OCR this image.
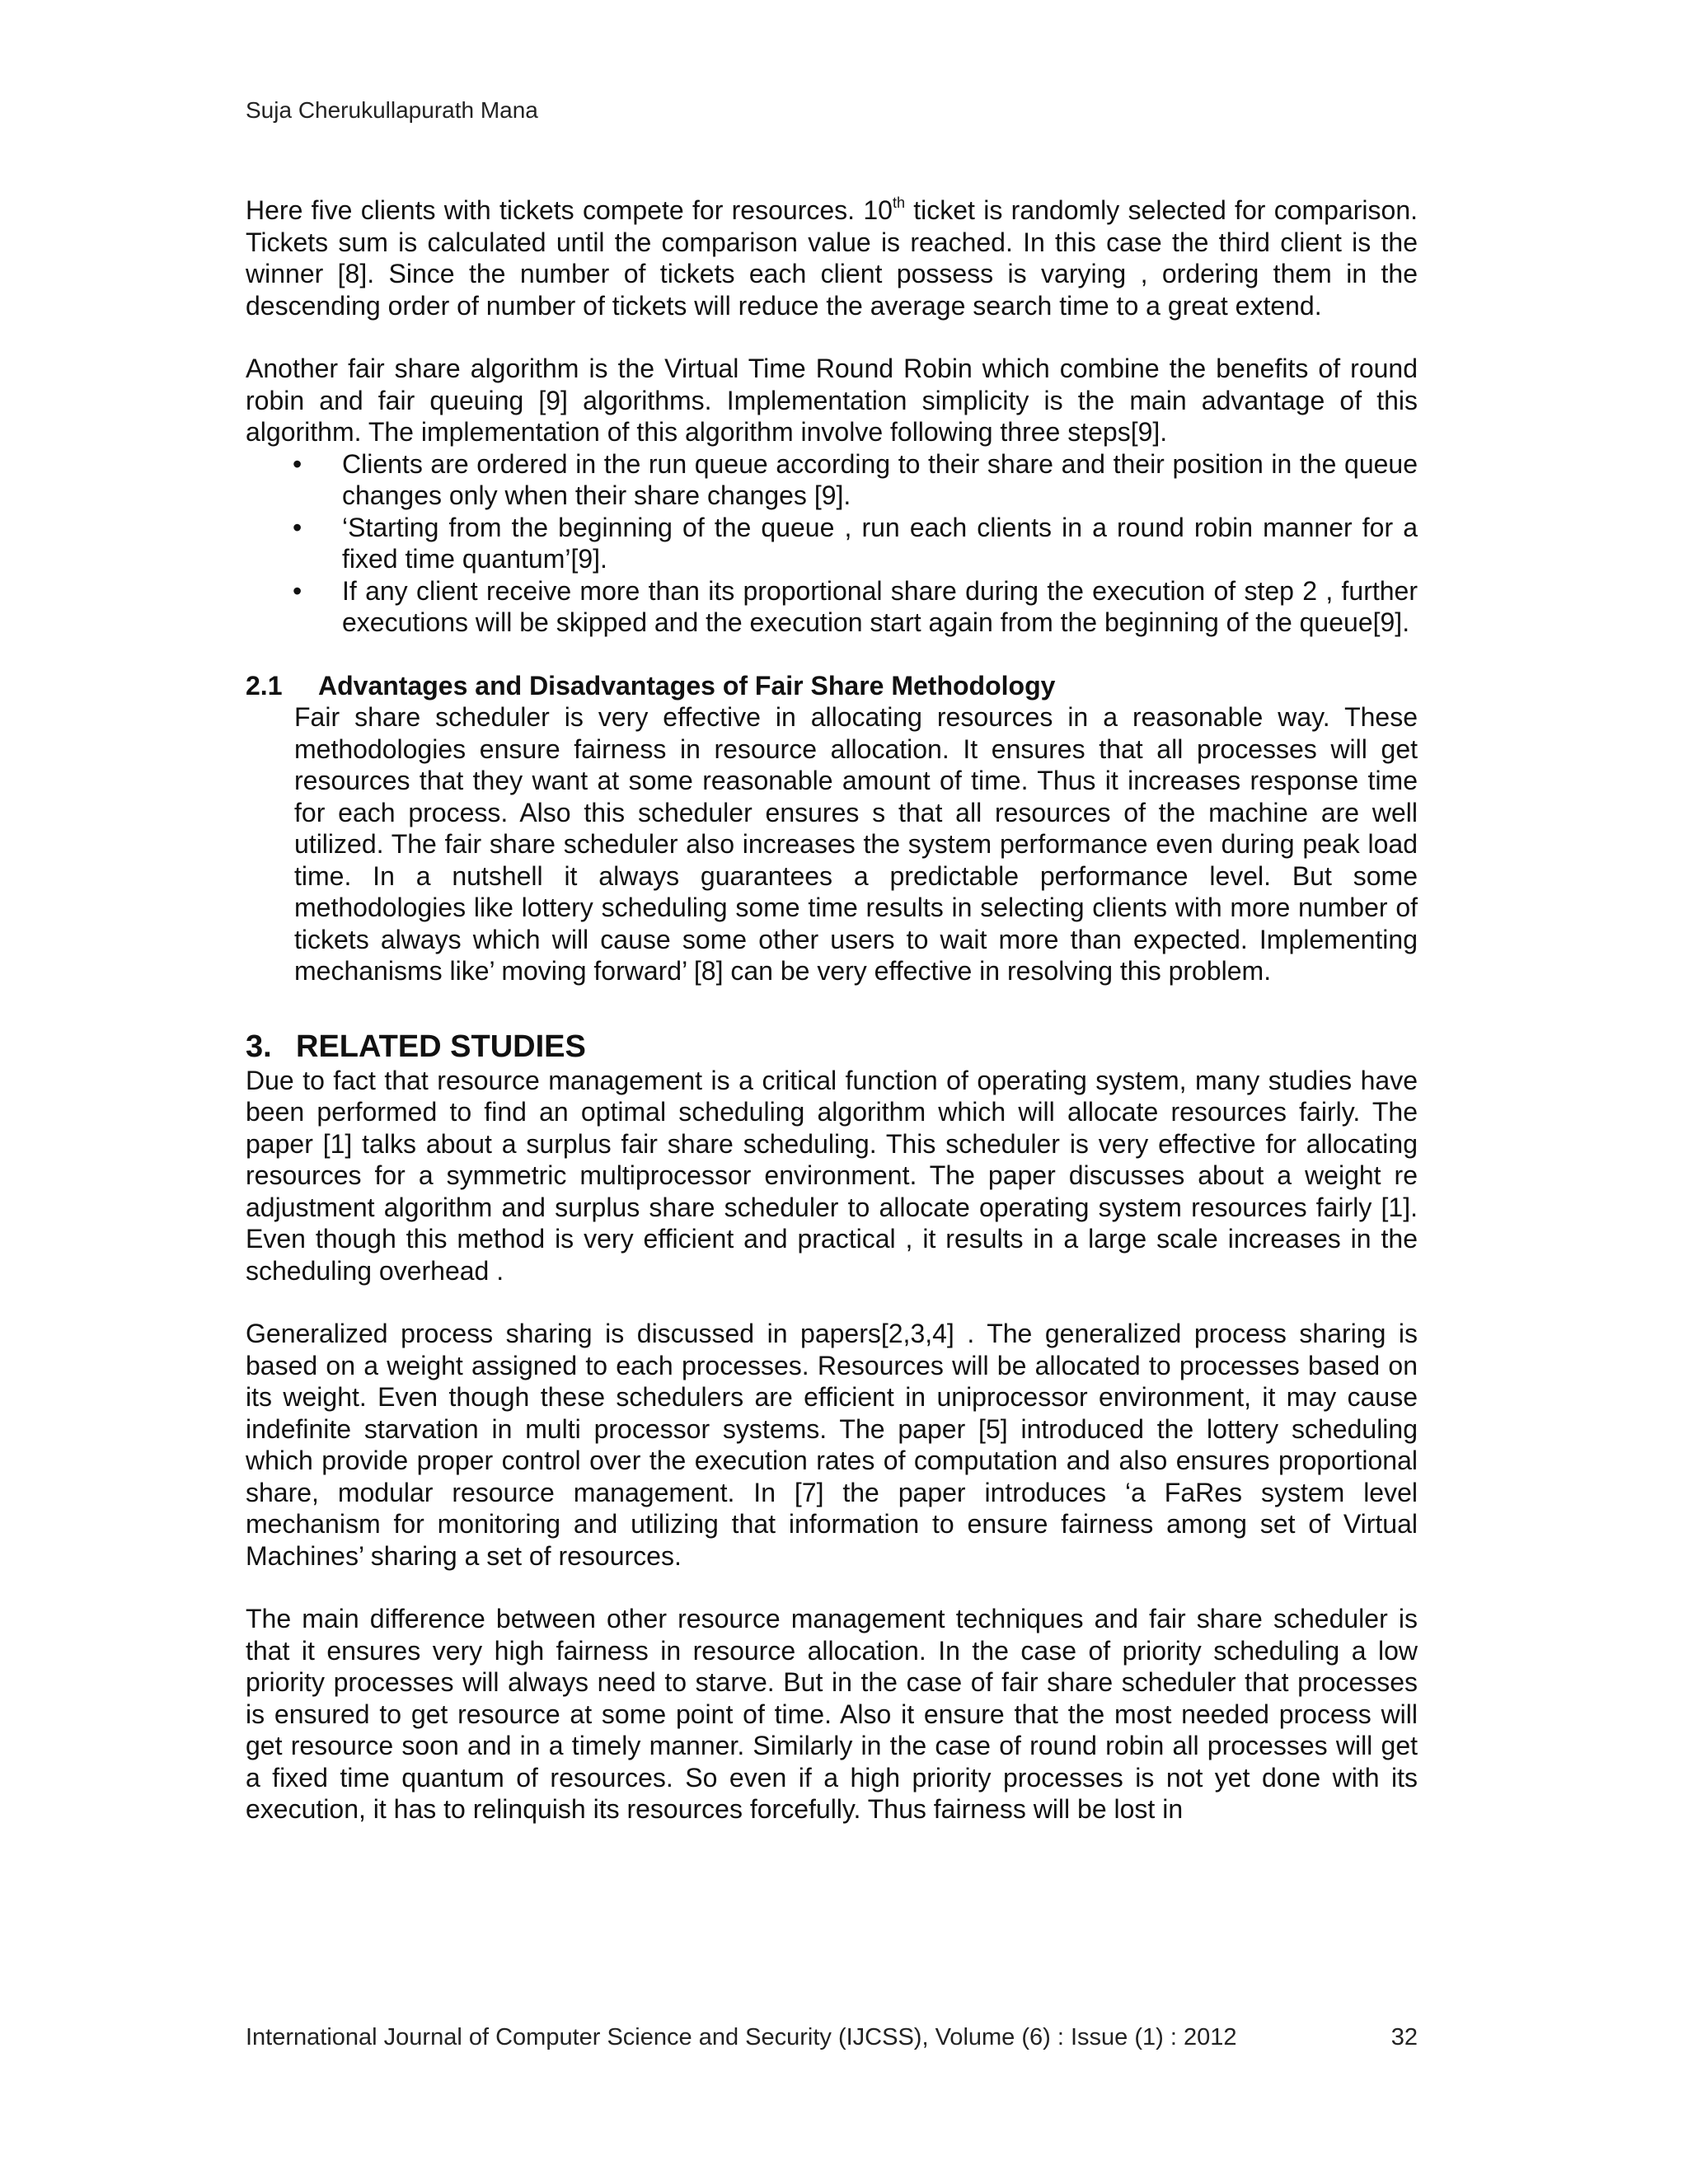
Suja Cherukullapurath Mana

Here five clients with tickets compete for resources. 10th ticket is randomly selected for comparison. Tickets sum is calculated until the comparison value is reached. In this case the third client is the winner [8]. Since the number of tickets each client possess is varying , ordering them in the descending order of number of tickets will reduce the average search time to a great extend.

Another fair share algorithm is the Virtual Time Round Robin which combine the benefits of round robin and fair queuing [9] algorithms. Implementation simplicity is the main advantage of this algorithm. The implementation of this algorithm involve following three steps[9].

• Clients are ordered in the run queue according to their share and their position in the queue changes only when their share changes [9].
• ‘Starting from the beginning of the queue , run each clients in a round robin manner for a fixed time quantum’[9].
• If any client receive more than its proportional share during the execution of step 2 , further executions will be skipped and the execution start again from the beginning of the queue[9].
2.1	Advantages and Disadvantages of Fair Share Methodology

Fair share scheduler is very effective in allocating resources in a reasonable way. These methodologies ensure fairness in resource allocation. It ensures that all processes will get resources that they want at some reasonable amount of time. Thus it increases response time for each process. Also this scheduler ensures s that all resources of the machine are well utilized. The fair share scheduler also increases the system performance even during peak load time. In a nutshell it always guarantees a predictable performance level. But some methodologies like lottery scheduling some time results in selecting clients with more number of tickets always which will cause some other users to wait more than expected. Implementing mechanisms like’ moving forward’ [8] can be very effective in resolving this problem.

3. RELATED STUDIES

Due to fact that resource management is a critical function of operating system, many studies have been performed to find an optimal scheduling algorithm which will allocate resources fairly. The paper [1] talks about a surplus fair share scheduling. This scheduler is very effective for allocating resources for a symmetric multiprocessor environment. The paper discusses about a weight re adjustment algorithm and surplus share scheduler to allocate operating system resources fairly [1]. Even though this method is very efficient and practical , it results in a large scale increases in the scheduling overhead .

Generalized process sharing is discussed in papers[2,3,4] . The generalized process sharing is based on a weight assigned to each processes. Resources will be allocated to processes based on its weight. Even though these schedulers are efficient in uniprocessor environment, it may cause indefinite starvation in multi processor systems. The paper [5] introduced the lottery scheduling which provide proper control over the execution rates of computation and also ensures proportional share, modular resource management. In [7] the paper introduces ‘a FaRes system level mechanism for monitoring and utilizing that information to ensure fairness among set of Virtual Machines’ sharing a set of resources.

The main difference between other resource management techniques and fair share scheduler is that it ensures very high fairness in resource allocation. In the case of priority scheduling a low priority processes will always need to starve. But in the case of fair share scheduler that processes is ensured to get resource at some point of time. Also it ensure that the most needed process will get resource soon and in a timely manner. Similarly in the case of round robin all processes will get a fixed time quantum of resources. So even if a high priority processes is not yet done with its execution, it has to relinquish its resources forcefully. Thus fairness will be lost in

International Journal of Computer Science and Security (IJCSS), Volume (6) : Issue (1) : 2012	32
